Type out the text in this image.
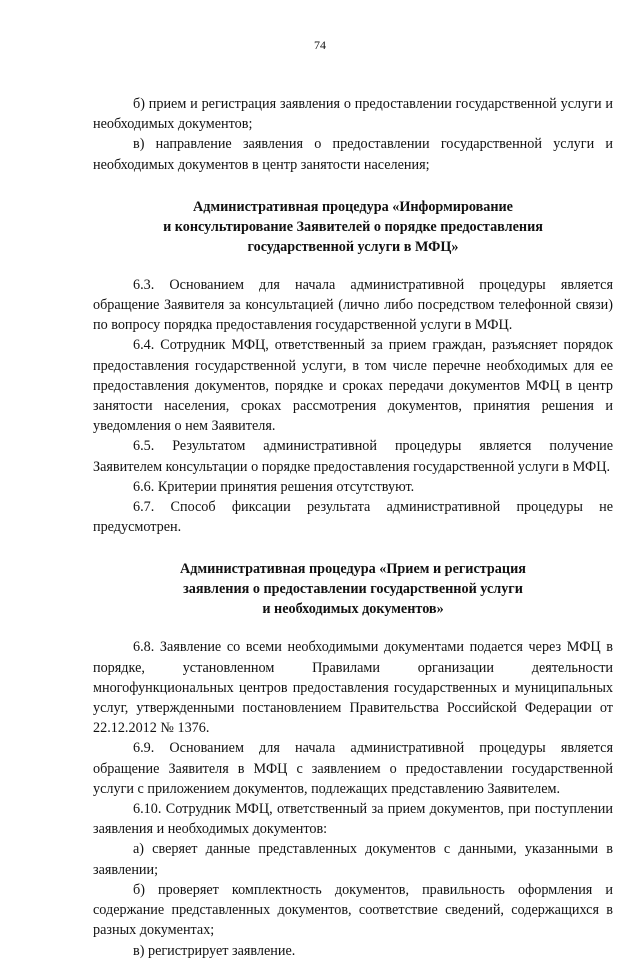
74

б) прием и регистрация заявления о предоставлении государственной услуги и необходимых документов;

в) направление заявления о предоставлении государственной услуги и необходимых документов в центр занятости населения;

Административная процедура «Информирование
и консультирование Заявителей о порядке предоставления
государственной услуги в МФЦ»

6.3. Основанием для начала административной процедуры является обращение Заявителя за консультацией (лично либо посредством телефонной связи) по вопросу порядка предоставления государственной услуги в МФЦ.

6.4. Сотрудник МФЦ, ответственный за прием граждан, разъясняет порядок предоставления государственной услуги, в том числе перечне необходимых для ее предоставления документов, порядке и сроках передачи документов МФЦ в центр занятости населения, сроках рассмотрения документов, принятия решения и уведомления о нем Заявителя.

6.5. Результатом административной процедуры является получение Заявителем консультации о порядке предоставления государственной услуги в МФЦ.

6.6. Критерии принятия решения отсутствуют.

6.7. Способ фиксации результата административной процедуры не предусмотрен.

Административная процедура «Прием и регистрация
заявления о предоставлении государственной услуги
и необходимых документов»

6.8. Заявление со всеми необходимыми документами подается через МФЦ в порядке, установленном Правилами организации деятельности многофункциональных центров предоставления государственных и муниципальных услуг, утвержденными постановлением Правительства Российской Федерации от 22.12.2012 № 1376.

6.9. Основанием для начала административной процедуры является обращение Заявителя в МФЦ с заявлением о предоставлении государственной услуги с приложением документов, подлежащих представлению Заявителем.

6.10. Сотрудник МФЦ, ответственный за прием документов, при поступлении заявления и необходимых документов:

а) сверяет данные представленных документов с данными, указанными в заявлении;

б) проверяет комплектность документов, правильность оформления и содержание представленных документов, соответствие сведений, содержащихся в разных документах;

в) регистрирует заявление.
